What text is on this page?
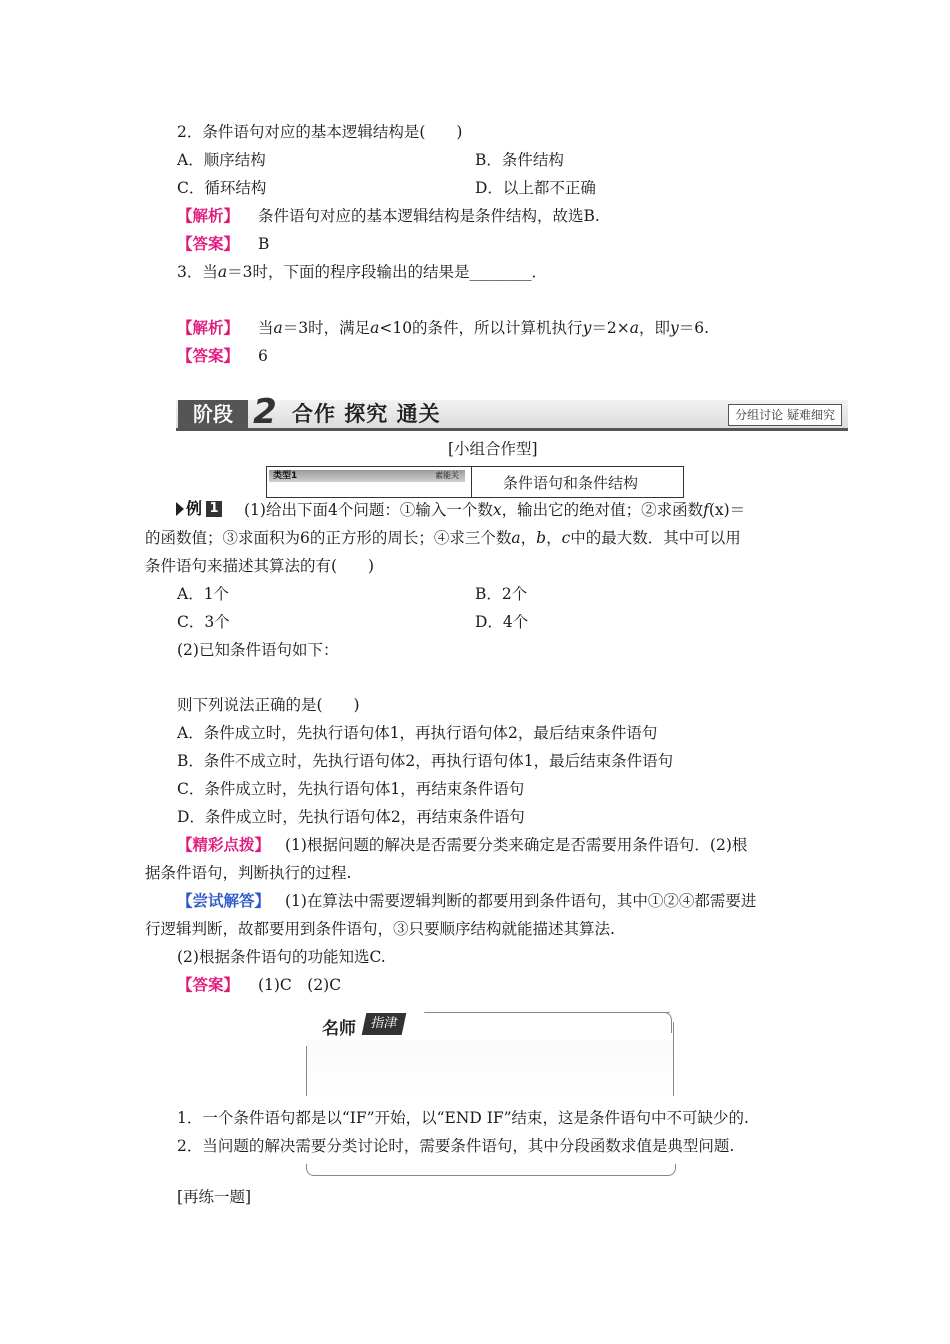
2．条件语句对应的基本逻辑结构是(　　)
A．顺序结构	B．条件结构
C．循环结构	D．以上都不正确
【解析】 条件语句对应的基本逻辑结构是条件结构，故选B.
【答案】 B
3．当a＝3时，下面的程序段输出的结果是________．
【解析】 当a＝3时，满足a<10的条件，所以计算机执行y＝2×a，即y＝6.
【答案】 6
阶段 2 合作 探究 通关	分组讨论 疑难细究
[小组合作型]
类型1	素能关	条件语句和条件结构
例 1 (1)给出下面4个问题：①输入一个数x，输出它的绝对值；②求函数f(x)＝
的函数值；③求面积为6的正方形的周长；④求三个数a，b，c中的最大数．其中可以用
条件语句来描述其算法的有(　　)
A．1个	B．2个
C．3个	D．4个
(2)已知条件语句如下：
则下列说法正确的是(　　)
A．条件成立时，先执行语句体1，再执行语句体2，最后结束条件语句
B．条件不成立时，先执行语句体2，再执行语句体1，最后结束条件语句
C．条件成立时，先执行语句体1，再结束条件语句
D．条件成立时，先执行语句体2，再结束条件语句
【精彩点拨】 (1)根据问题的解决是否需要分类来确定是否需要用条件语句．(2)根
据条件语句，判断执行的过程.
【尝试解答】 (1)在算法中需要逻辑判断的都要用到条件语句，其中①②④都需要进
行逻辑判断，故都要用到条件语句，③只要顺序结构就能描述其算法.
(2)根据条件语句的功能知选C.
【答案】 (1)C　(2)C
名师	指津
1．一个条件语句都是以“IF”开始，以“END IF”结束，这是条件语句中不可缺少的.
2．当问题的解决需要分类讨论时，需要条件语句，其中分段函数求值是典型问题.
[再练一题]
